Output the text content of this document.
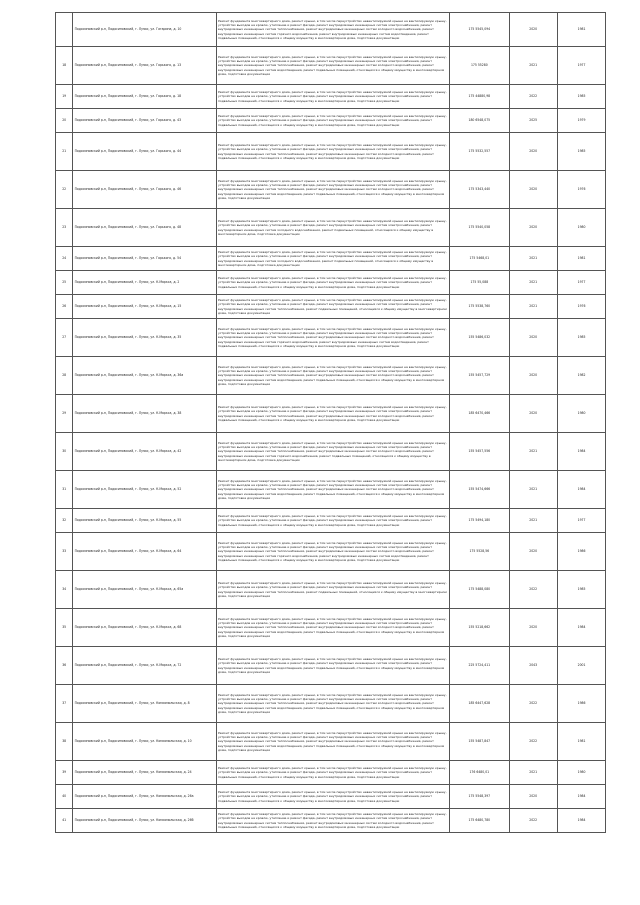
	Подосиновский р-н, Подосиновский, г. Лузки, ул. Гагарина, д. 10	Ремонт фундамента многоквартирного дома, ремонт крыши, в том числе переустройство невентилируемой крыши на вентилируемую крышу, устройство выходов на кровлю, утепление и ремонт фасада, ремонт внутридомовых инженерных систем электроснабжения, ремонт внутридомовых инженерных систем теплоснабжения, ремонт внутридомовых инженерных систем холодного водоснабжения, ремонт внутридомовых инженерных систем горячего водоснабжения, ремонт внутридомовых инженерных систем водоотведения, ремонт подвальных помещений, относящихся к общему имуществу в многоквартирном доме, подготовка документации	175 5545,094	2020	1981
18	Подосиновский р-н, Подосиновский, г. Лузки, ул. Горького, д. 13	Ремонт фундамента многоквартирного дома, ремонт крыши, в том числе переустройство невентилируемой крыши на вентилируемую крышу, устройство выходов на кровлю, утепление и ремонт фасада, ремонт внутридомовых инженерных систем электроснабжения, ремонт внутридомовых инженерных систем теплоснабжения, ремонт внутридомовых инженерных систем холодного водоснабжения, ремонт внутридомовых инженерных систем водоотведения, ремонт подвальных помещений, относящихся к общему имуществу в многоквартирном доме, подготовка документации	175 55280	2021	1977
19	Подосиновский р-н, Подосиновский, г. Лузки, ул. Горького, д. 18	Ремонт фундамента многоквартирного дома, ремонт крыши, в том числе переустройство невентилируемой крыши на вентилируемую крышу, устройство выходов на кровлю, утепление и ремонт фасада, ремонт внутридомовых инженерных систем электроснабжения, ремонт подвальных помещений, относящихся к общему имуществу в многоквартирном доме, подготовка документации	175 44880,98	2022	1985
20	Подосиновский р-н, Подосиновский, г. Лузки, ул. Горького, д. 43	Ремонт фундамента многоквартирного дома, ремонт крыши, в том числе переустройство невентилируемой крыши на вентилируемую крышу, устройство выходов на кровлю, утепление и ремонт фасада, ремонт внутридомовых инженерных систем электроснабжения, ремонт подвальных помещений, относящихся к общему имуществу в многоквартирном доме, подготовка документации	180 6548,075	2025	1979
21	Подосиновский р-н, Подосиновский, г. Лузки, ул. Горького, д. 44	Ремонт фундамента многоквартирного дома, ремонт крыши, в том числе переустройство невентилируемой крыши на вентилируемую крышу, устройство выходов на кровлю, утепление и ремонт фасада, ремонт внутридомовых инженерных систем электроснабжения, ремонт внутридомовых инженерных систем теплоснабжения, ремонт внутридомовых инженерных систем холодного водоснабжения, ремонт подвальных помещений, относящихся к общему имуществу в многоквартирном доме, подготовка документации	175 5532,557	2020	1985
22	Подосиновский р-н, Подосиновский, г. Лузки, ул. Горького, д. 46	Ремонт фундамента многоквартирного дома, ремонт крыши, в том числе переустройство невентилируемой крыши на вентилируемую крышу, устройство выходов на кровлю, утепление и ремонт фасада, ремонт внутридомовых инженерных систем электроснабжения, ремонт внутридомовых инженерных систем теплоснабжения, ремонт внутридомовых инженерных систем холодного водоснабжения, ремонт внутридомовых инженерных систем водоотведения, ремонт подвальных помещений, относящихся к общему имуществу в многоквартирном доме, подготовка документации	175 5343,440	2020	1976
23	Подосиновский р-н, Подосиновский, г. Лузки, ул. Горького, д. 48	Ремонт фундамента многоквартирного дома, ремонт крыши, в том числе переустройство невентилируемой крыши на вентилируемую крышу, устройство выходов на кровлю, утепление и ремонт фасада, ремонт внутридомовых инженерных систем электроснабжения, ремонт внутридомовых инженерных систем холодного водоснабжения, ремонт подвальных помещений, относящихся к общему имуществу в многоквартирном доме, подготовка документации	175 5540,058	2020	1980
24	Подосиновский р-н, Подосиновский, г. Лузки, ул. Горького, д. 54	Ремонт фундамента многоквартирного дома, ремонт крыши, в том числе переустройство невентилируемой крыши на вентилируемую крышу, устройство выходов на кровлю, утепление и ремонт фасада, ремонт внутридомовых инженерных систем электроснабжения, ремонт внутридомовых инженерных систем холодного водоснабжения, ремонт подвальных помещений, относящихся к общему имуществу в многоквартирном доме, подготовка документации	175 5468,01	2021	1981
25	Подосиновский р-н, Подосиновский, г. Лузки, ул. К.Маркса, д. 2	Ремонт фундамента многоквартирного дома, ремонт крыши, в том числе переустройство невентилируемой крыши на вентилируемую крышу, устройство выходов на кровлю, утепление и ремонт фасада, ремонт внутридомовых инженерных систем электроснабжения, ремонт подвальных помещений, относящихся к общему имуществу в многоквартирном доме, подготовка документации	175 55,088	2021	1977
26	Подосиновский р-н, Подосиновский, г. Лузки, ул. К.Маркса, д. 15	Ремонт фундамента многоквартирного дома, ремонт крыши, в том числе переустройство невентилируемой крыши на вентилируемую крышу, устройство выходов на кровлю, утепление и ремонт фасада, ремонт внутридомовых инженерных систем электроснабжения, ремонт внутридомовых инженерных систем теплоснабжения, ремонт подвальных помещений, относящихся к общему имуществу в многоквартирном доме, подготовка документации	175 5538,760	2021	1976
27	Подосиновский р-н, Подосиновский, г. Лузки, ул. К.Маркса, д. 35	Ремонт фундамента многоквартирного дома, ремонт крыши, в том числе переустройство невентилируемой крыши на вентилируемую крышу, устройство выходов на кровлю, утепление и ремонт фасада, ремонт внутридомовых инженерных систем электроснабжения, ремонт внутридомовых инженерных систем теплоснабжения, ремонт внутридомовых инженерных систем холодного водоснабжения, ремонт внутридомовых инженерных систем горячего водоснабжения, ремонт внутридомовых инженерных систем водоотведения, ремонт подвальных помещений, относящихся к общему имуществу в многоквартирном доме, подготовка документации	155 5486,032	2020	1985
28	Подосиновский р-н, Подосиновский, г. Лузки, ул. К.Маркса, д. 36а	Ремонт фундамента многоквартирного дома, ремонт крыши, в том числе переустройство невентилируемой крыши на вентилируемую крышу, устройство выходов на кровлю, утепление и ремонт фасада, ремонт внутридомовых инженерных систем электроснабжения, ремонт внутридомовых инженерных систем теплоснабжения, ремонт внутридомовых инженерных систем холодного водоснабжения, ремонт внутридомовых инженерных систем водоотведения, ремонт подвальных помещений, относящихся к общему имуществу в многоквартирном доме, подготовка документации	155 5457,729	2020	1982
29	Подосиновский р-н, Подосиновский, г. Лузки, ул. К.Маркса, д. 38	Ремонт фундамента многоквартирного дома, ремонт крыши, в том числе переустройство невентилируемой крыши на вентилируемую крышу, устройство выходов на кровлю, утепление и ремонт фасада, ремонт внутридомовых инженерных систем электроснабжения, ремонт внутридомовых инженерных систем теплоснабжения, ремонт внутридомовых инженерных систем холодного водоснабжения, ремонт подвальных помещений, относящихся к общему имуществу в многоквартирном доме, подготовка документации	185 6470,466	2020	1980
30	Подосиновский р-н, Подосиновский, г. Лузки, ул. К.Маркса, д. 42	Ремонт фундамента многоквартирного дома, ремонт крыши, в том числе переустройство невентилируемой крыши на вентилируемую крышу, устройство выходов на кровлю, утепление и ремонт фасада, ремонт внутридомовых инженерных систем электроснабжения, ремонт внутридомовых инженерных систем теплоснабжения, ремонт внутридомовых инженерных систем холодного водоснабжения, ремонт внутридомовых инженерных систем горячего водоснабжения, ремонт подвальных помещений, относящихся к общему имуществу в многоквартирном доме, подготовка документации	155 5457,556	2021	1984
31	Подосиновский р-н, Подосиновский, г. Лузки, ул. К.Маркса, д. 52	Ремонт фундамента многоквартирного дома, ремонт крыши, в том числе переустройство невентилируемой крыши на вентилируемую крышу, устройство выходов на кровлю, утепление и ремонт фасада, ремонт внутридомовых инженерных систем электроснабжения, ремонт внутридомовых инженерных систем теплоснабжения, ремонт внутридомовых инженерных систем холодного водоснабжения, ремонт внутридомовых инженерных систем водоотведения, ремонт подвальных помещений, относящихся к общему имуществу в многоквартирном доме, подготовка документации	155 5474,666	2021	1984
32	Подосиновский р-н, Подосиновский, г. Лузки, ул. К.Маркса, д. 55	Ремонт фундамента многоквартирного дома, ремонт крыши, в том числе переустройство невентилируемой крыши на вентилируемую крышу, устройство выходов на кровлю, утепление и ремонт фасада, ремонт внутридомовых инженерных систем электроснабжения, ремонт подвальных помещений, относящихся к общему имуществу в многоквартирном доме, подготовка документации	175 5494,180	2021	1977
33	Подосиновский р-н, Подосиновский, г. Лузки, ул. К.Маркса, д. 64	Ремонт фундамента многоквартирного дома, ремонт крыши, в том числе переустройство невентилируемой крыши на вентилируемую крышу, устройство выходов на кровлю, утепление и ремонт фасада, ремонт внутридомовых инженерных систем электроснабжения, ремонт внутридомовых инженерных систем теплоснабжения, ремонт внутридомовых инженерных систем холодного водоснабжения, ремонт внутридомовых инженерных систем горячего водоснабжения, ремонт внутридомовых инженерных систем водоотведения, ремонт подвальных помещений, относящихся к общему имуществу в многоквартирном доме, подготовка документации	175 5528,56	2020	1986
34	Подосиновский р-н, Подосиновский, г. Лузки, ул. К.Маркса, д. 65а	Ремонт фундамента многоквартирного дома, ремонт крыши, в том числе переустройство невентилируемой крыши на вентилируемую крышу, устройство выходов на кровлю, утепление и ремонт фасада, ремонт внутридомовых инженерных систем электроснабжения, ремонт внутридомовых инженерных систем теплоснабжения, ремонт подвальных помещений, относящихся к общему имуществу в многоквартирном доме, подготовка документации	175 5488,080	2022	1985
35	Подосиновский р-н, Подосиновский, г. Лузки, ул. К.Маркса, д. 68	Ремонт фундамента многоквартирного дома, ремонт крыши, в том числе переустройство невентилируемой крыши на вентилируемую крышу, устройство выходов на кровлю, утепление и ремонт фасада, ремонт внутридомовых инженерных систем электроснабжения, ремонт внутридомовых инженерных систем теплоснабжения, ремонт внутридомовых инженерных систем холодного водоснабжения, ремонт внутридомовых инженерных систем водоотведения, ремонт подвальных помещений, относящихся к общему имуществу в многоквартирном доме, подготовка документации	155 5218,662	2020	1984
36	Подосиновский р-н, Подосиновский, г. Лузки, ул. К.Маркса, д. 72	Ремонт фундамента многоквартирного дома, ремонт крыши, в том числе переустройство невентилируемой крыши на вентилируемую крышу, устройство выходов на кровлю, утепление и ремонт фасада, ремонт внутридомовых инженерных систем электроснабжения, ремонт внутридомовых инженерных систем водоотведения, ремонт подвальных помещений, относящихся к общему имуществу в многоквартирном доме, подготовка документации	225 5724,411	2043	2001
37	Подосиновский р-н, Подосиновский, г. Лузки, ул. Комсомольская, д. 8	Ремонт фундамента многоквартирного дома, ремонт крыши, в том числе переустройство невентилируемой крыши на вентилируемую крышу, устройство выходов на кровлю, утепление и ремонт фасада, ремонт внутридомовых инженерных систем электроснабжения, ремонт внутридомовых инженерных систем теплоснабжения, ремонт внутридомовых инженерных систем холодного водоснабжения, ремонт внутридомовых инженерных систем водоотведения, ремонт подвальных помещений, относящихся к общему имуществу в многоквартирном доме, подготовка документации	185 6447,628	2022	1986
38	Подосиновский р-н, Подосиновский, г. Лузки, ул. Комсомольская, д. 10	Ремонт фундамента многоквартирного дома, ремонт крыши, в том числе переустройство невентилируемой крыши на вентилируемую крышу, устройство выходов на кровлю, утепление и ремонт фасада, ремонт внутридомовых инженерных систем электроснабжения, ремонт внутридомовых инженерных систем теплоснабжения, ремонт внутридомовых инженерных систем холодного водоснабжения, ремонт внутридомовых инженерных систем водоотведения, ремонт подвальных помещений, относящихся к общему имуществу в многоквартирном доме, подготовка документации	155 5487,847	2022	1981
39	Подосиновский р-н, Подосиновский, г. Лузки, ул. Комсомольская, д. 24	Ремонт фундамента многоквартирного дома, ремонт крыши, в том числе переустройство невентилируемой крыши на вентилируемую крышу, устройство выходов на кровлю, утепление и ремонт фасада, ремонт внутридомовых инженерных систем электроснабжения, ремонт подвальных помещений, относящихся к общему имуществу в многоквартирном доме, подготовка документации	176 6480,01	2021	1980
40	Подосиновский р-н, Подосиновский, г. Лузки, ул. Комсомольская, д. 26а	Ремонт фундамента многоквартирного дома, ремонт крыши, в том числе переустройство невентилируемой крыши на вентилируемую крышу, устройство выходов на кровлю, утепление и ремонт фасада, ремонт внутридомовых инженерных систем электроснабжения, ремонт подвальных помещений, относящихся к общему имуществу в многоквартирном доме, подготовка документации	175 5548,397	2020	1984
41	Подосиновский р-н, Подосиновский, г. Лузки, ул. Комсомольская, д. 26б	Ремонт фундамента многоквартирного дома, ремонт крыши, в том числе переустройство невентилируемой крыши на вентилируемую крышу, устройство выходов на кровлю, утепление и ремонт фасада, ремонт внутридомовых инженерных систем электроснабжения, ремонт внутридомовых инженерных систем теплоснабжения, ремонт внутридомовых инженерных систем холодного водоснабжения, ремонт подвальных помещений, относящихся к общему имуществу в многоквартирном доме, подготовка документации	175 6480,780	2022	1984
